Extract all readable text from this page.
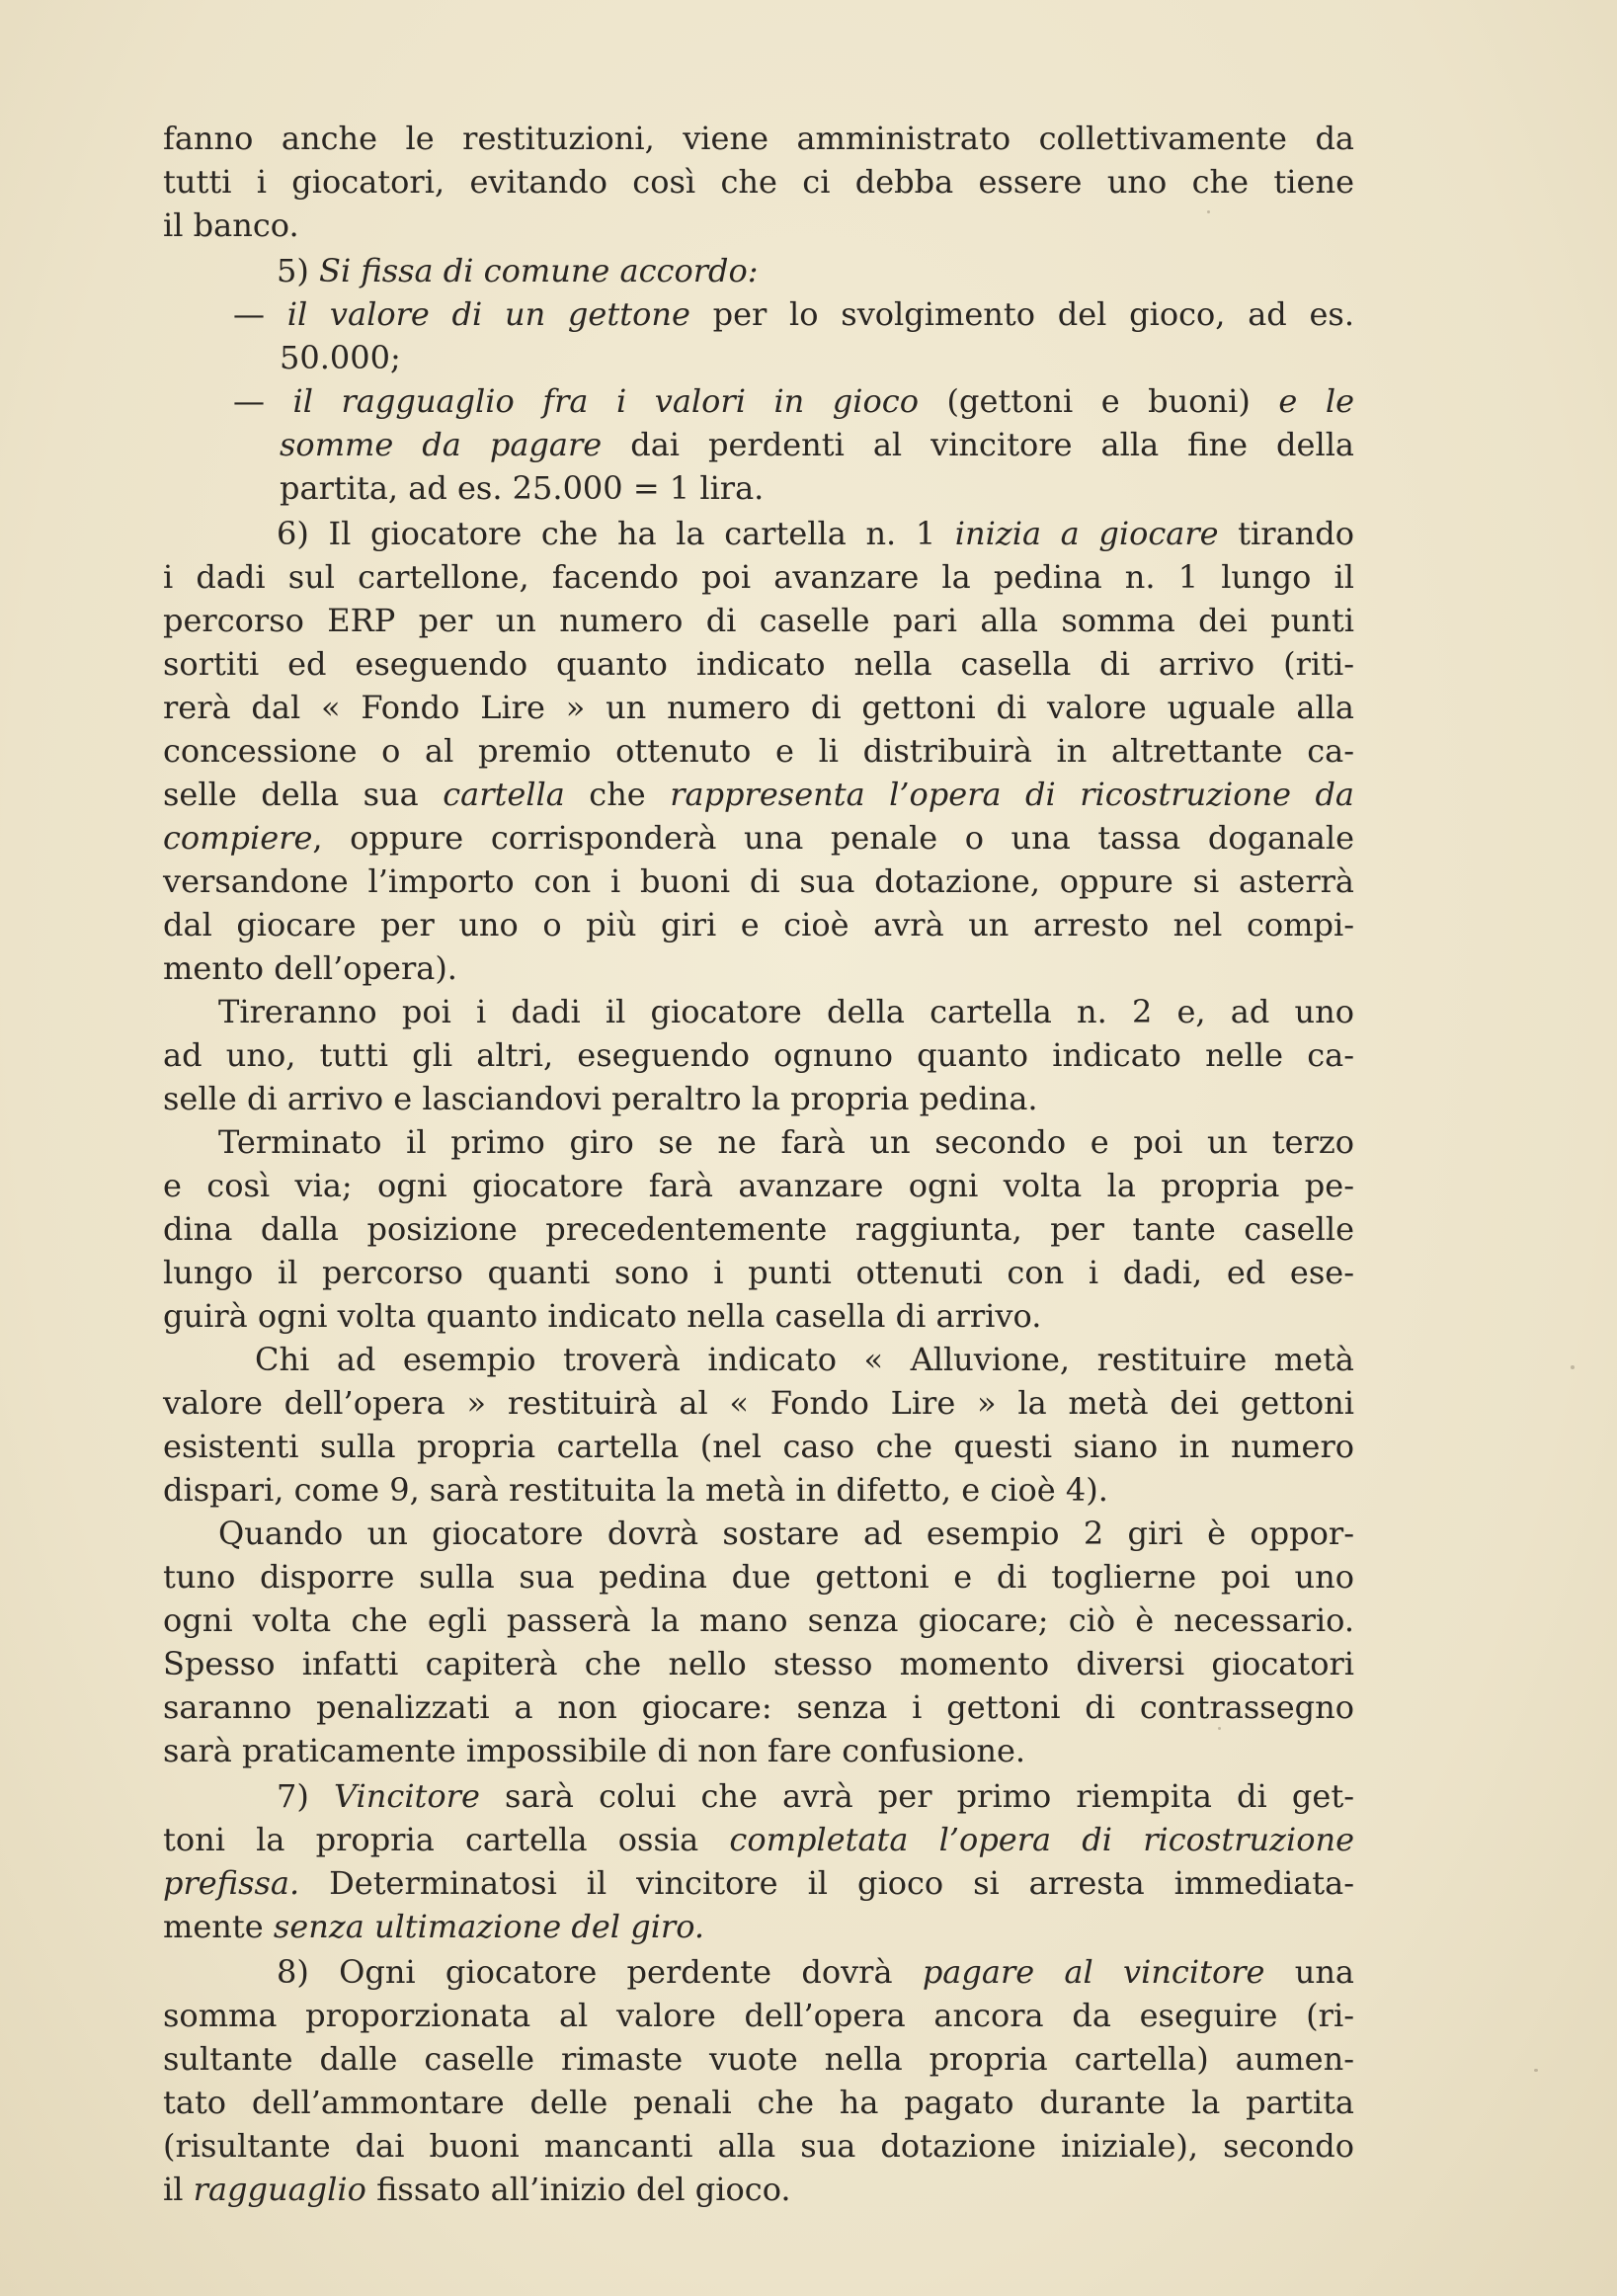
fanno anche le restituzioni, viene amministrato collettivamente da

tutti i giocatori, evitando così che ci debba essere uno che tiene

il banco.

5) Si fissa di comune accordo:

— il valore di un gettone per lo svolgimento del gioco, ad es.

50.000;

— il ragguaglio fra i valori in gioco (gettoni e buoni) e le

somme da pagare dai perdenti al vincitore alla fine della

partita, ad es. 25.000 = 1 lira.

6) Il giocatore che ha la cartella n. 1 inizia a giocare tirando

i dadi sul cartellone, facendo poi avanzare la pedina n. 1 lungo il

percorso ERP per un numero di caselle pari alla somma dei punti

sortiti ed eseguendo quanto indicato nella casella di arrivo (riti-

rerà dal « Fondo Lire » un numero di gettoni di valore uguale alla

concessione o al premio ottenuto e li distribuirà in altrettante ca-

selle della sua cartella che rappresenta l’opera di ricostruzione da

compiere, oppure corrisponderà una penale o una tassa doganale

versandone l’importo con i buoni di sua dotazione, oppure si asterrà

dal giocare per uno o più giri e cioè avrà un arresto nel compi-

mento dell’opera).

Tireranno poi i dadi il giocatore della cartella n. 2 e, ad uno

ad uno, tutti gli altri, eseguendo ognuno quanto indicato nelle ca-

selle di arrivo e lasciandovi peraltro la propria pedina.

Terminato il primo giro se ne farà un secondo e poi un terzo

e così via; ogni giocatore farà avanzare ogni volta la propria pe-

dina dalla posizione precedentemente raggiunta, per tante caselle

lungo il percorso quanti sono i punti ottenuti con i dadi, ed ese-

guirà ogni volta quanto indicato nella casella di arrivo.

Chi ad esempio troverà indicato « Alluvione, restituire metà

valore dell’opera » restituirà al « Fondo Lire » la metà dei gettoni

esistenti sulla propria cartella (nel caso che questi siano in numero

dispari, come 9, sarà restituita la metà in difetto, e cioè 4).

Quando un giocatore dovrà sostare ad esempio 2 giri è oppor-

tuno disporre sulla sua pedina due gettoni e di toglierne poi uno

ogni volta che egli passerà la mano senza giocare; ciò è necessario.

Spesso infatti capiterà che nello stesso momento diversi giocatori

saranno penalizzati a non giocare: senza i gettoni di contrassegno

sarà praticamente impossibile di non fare confusione.

7) Vincitore sarà colui che avrà per primo riempita di get-

toni la propria cartella ossia completata l’opera di ricostruzione

prefissa. Determinatosi il vincitore il gioco si arresta immediata-

mente senza ultimazione del giro.

8) Ogni giocatore perdente dovrà pagare al vincitore una

somma proporzionata al valore dell’opera ancora da eseguire (ri-

sultante dalle caselle rimaste vuote nella propria cartella) aumen-

tato dell’ammontare delle penali che ha pagato durante la partita

(risultante dai buoni mancanti alla sua dotazione iniziale), secondo

il ragguaglio fissato all’inizio del gioco.
